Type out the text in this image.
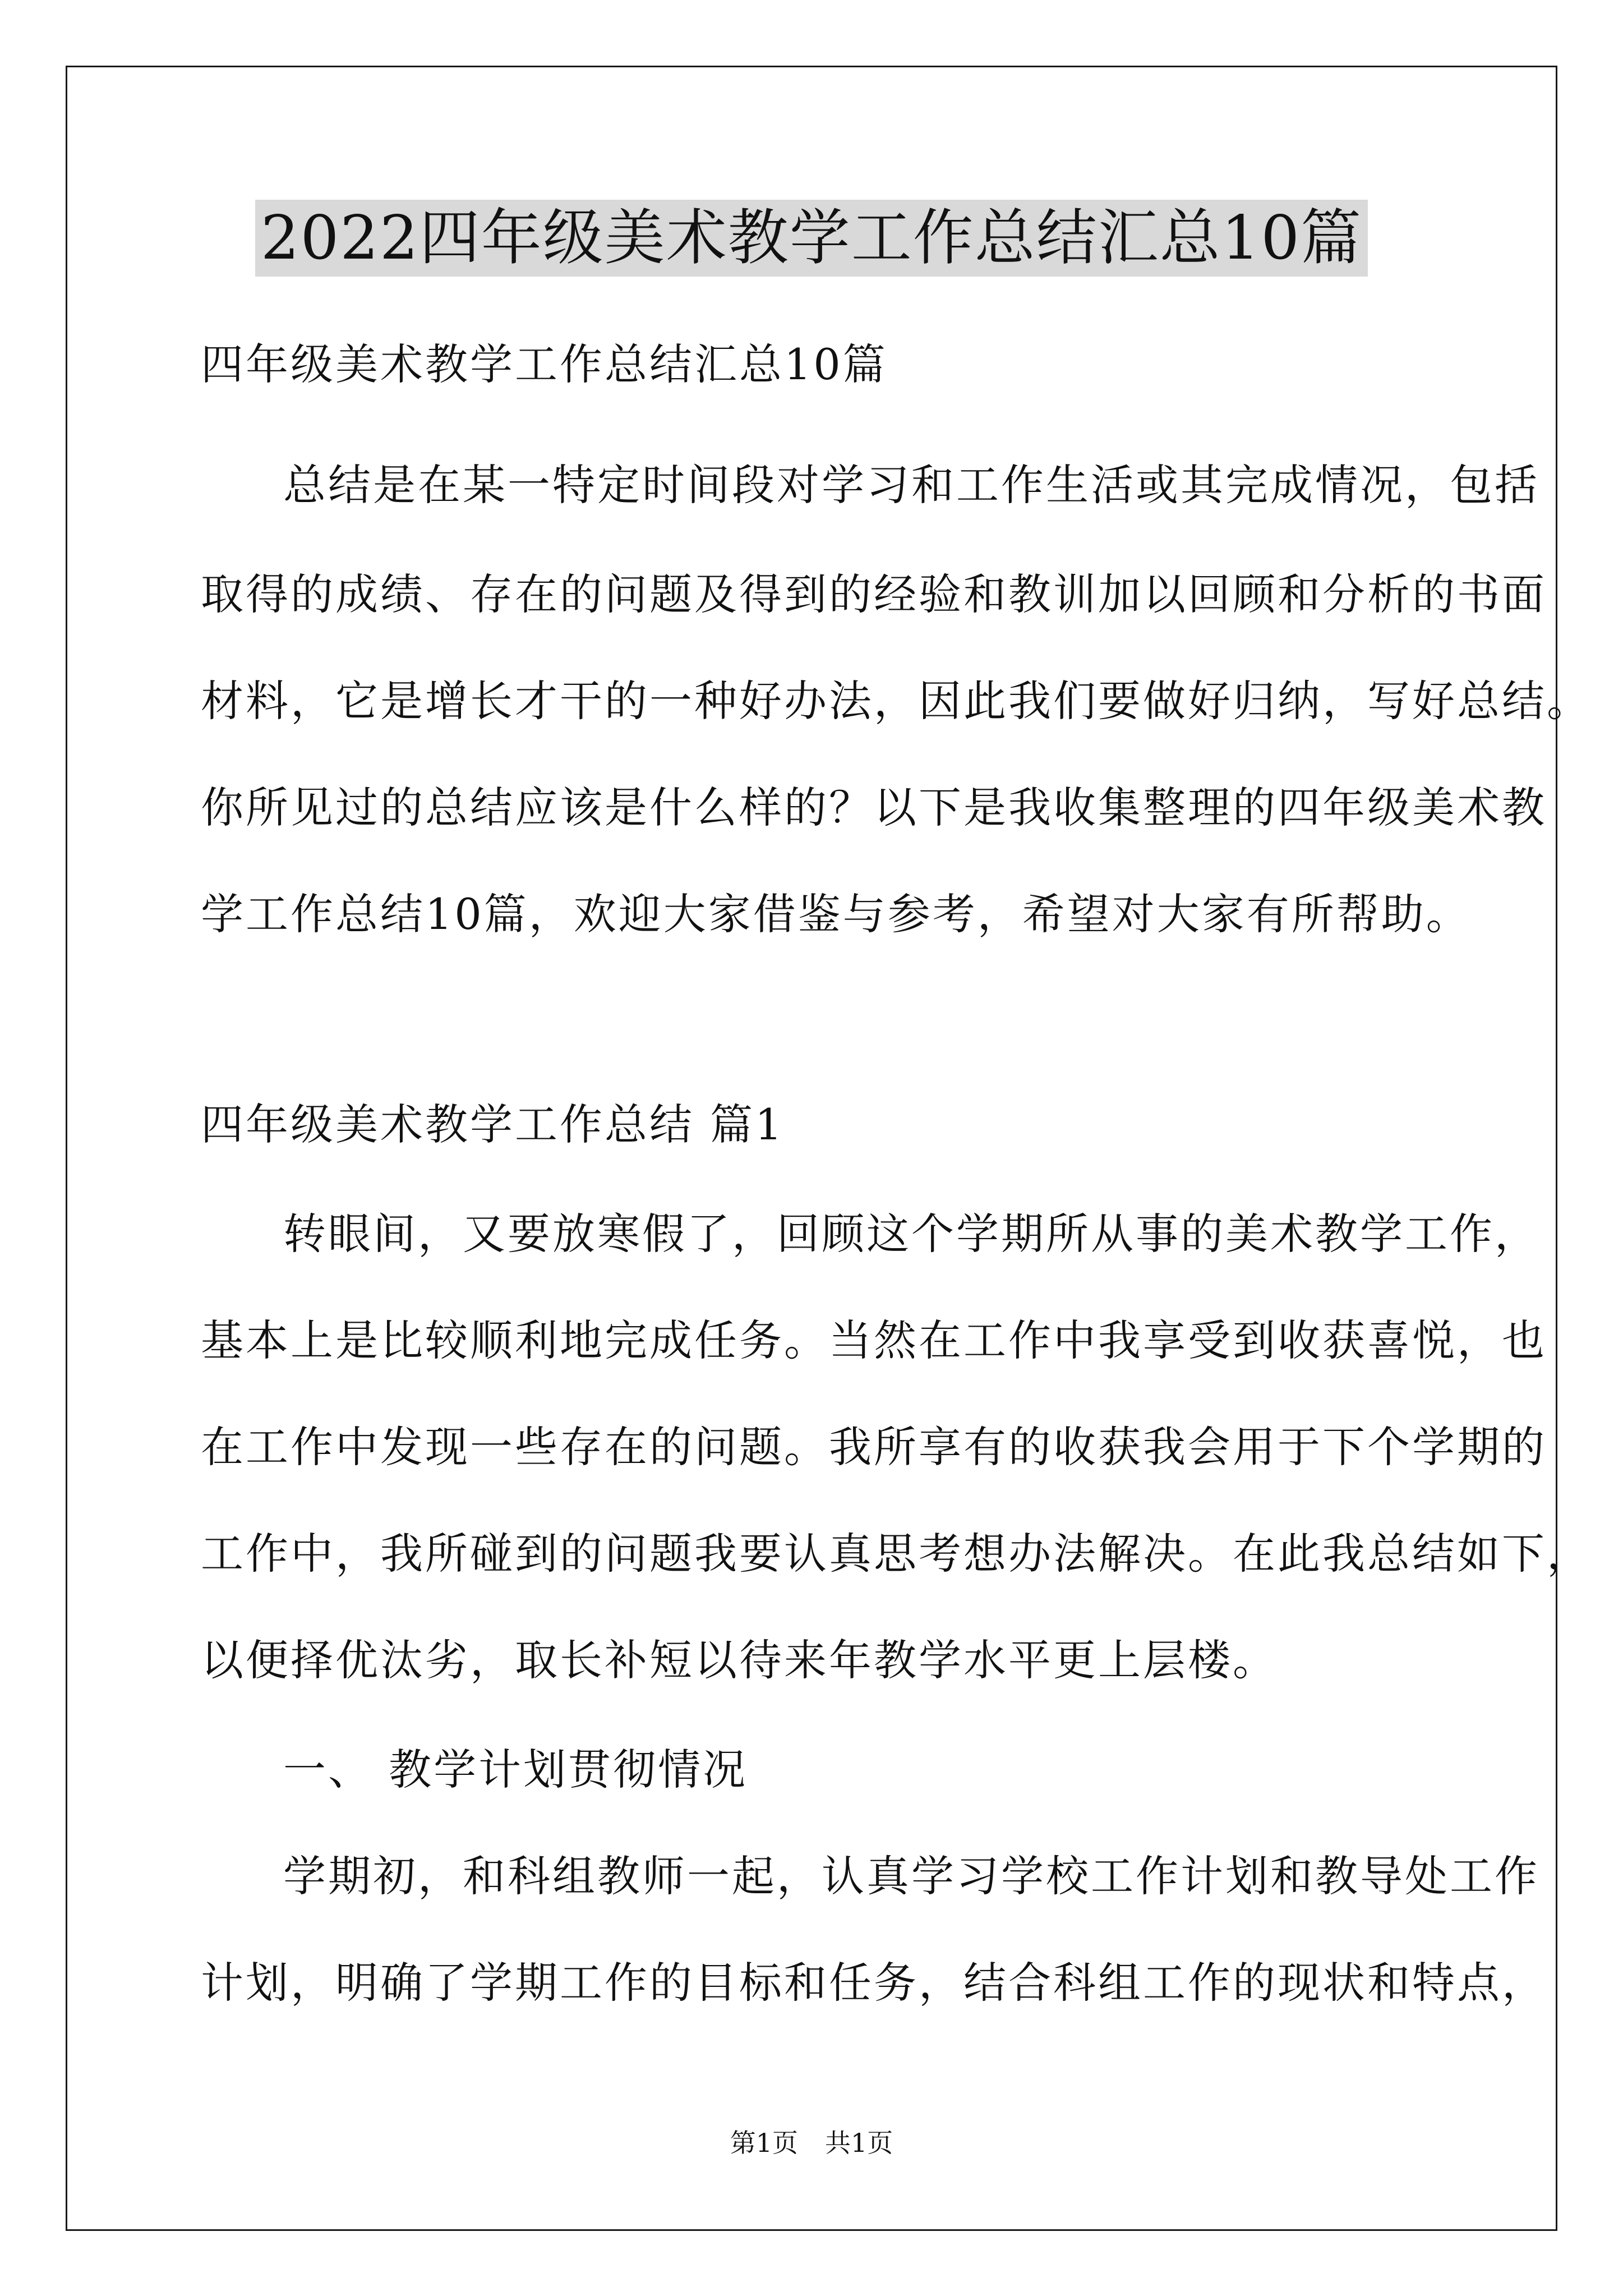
2022四年级美术教学工作总结汇总10篇
四年级美术教学工作总结汇总10篇
总结是在某一特定时间段对学习和工作生活或其完成情况，包括
取得的成绩、存在的问题及得到的经验和教训加以回顾和分析的书面
材料，它是增长才干的一种好办法，因此我们要做好归纳，写好总结。
你所见过的总结应该是什么样的？以下是我收集整理的四年级美术教
学工作总结10篇，欢迎大家借鉴与参考，希望对大家有所帮助。
四年级美术教学工作总结 篇1
转眼间，又要放寒假了，回顾这个学期所从事的美术教学工作，
基本上是比较顺利地完成任务。当然在工作中我享受到收获喜悦，也
在工作中发现一些存在的问题。我所享有的收获我会用于下个学期的
工作中，我所碰到的问题我要认真思考想办法解决。在此我总结如下，
以便择优汰劣，取长补短以待来年教学水平更上层楼。
一、 教学计划贯彻情况
学期初，和科组教师一起，认真学习学校工作计划和教导处工作
计划，明确了学期工作的目标和任务，结合科组工作的现状和特点，
第1页 共1页
